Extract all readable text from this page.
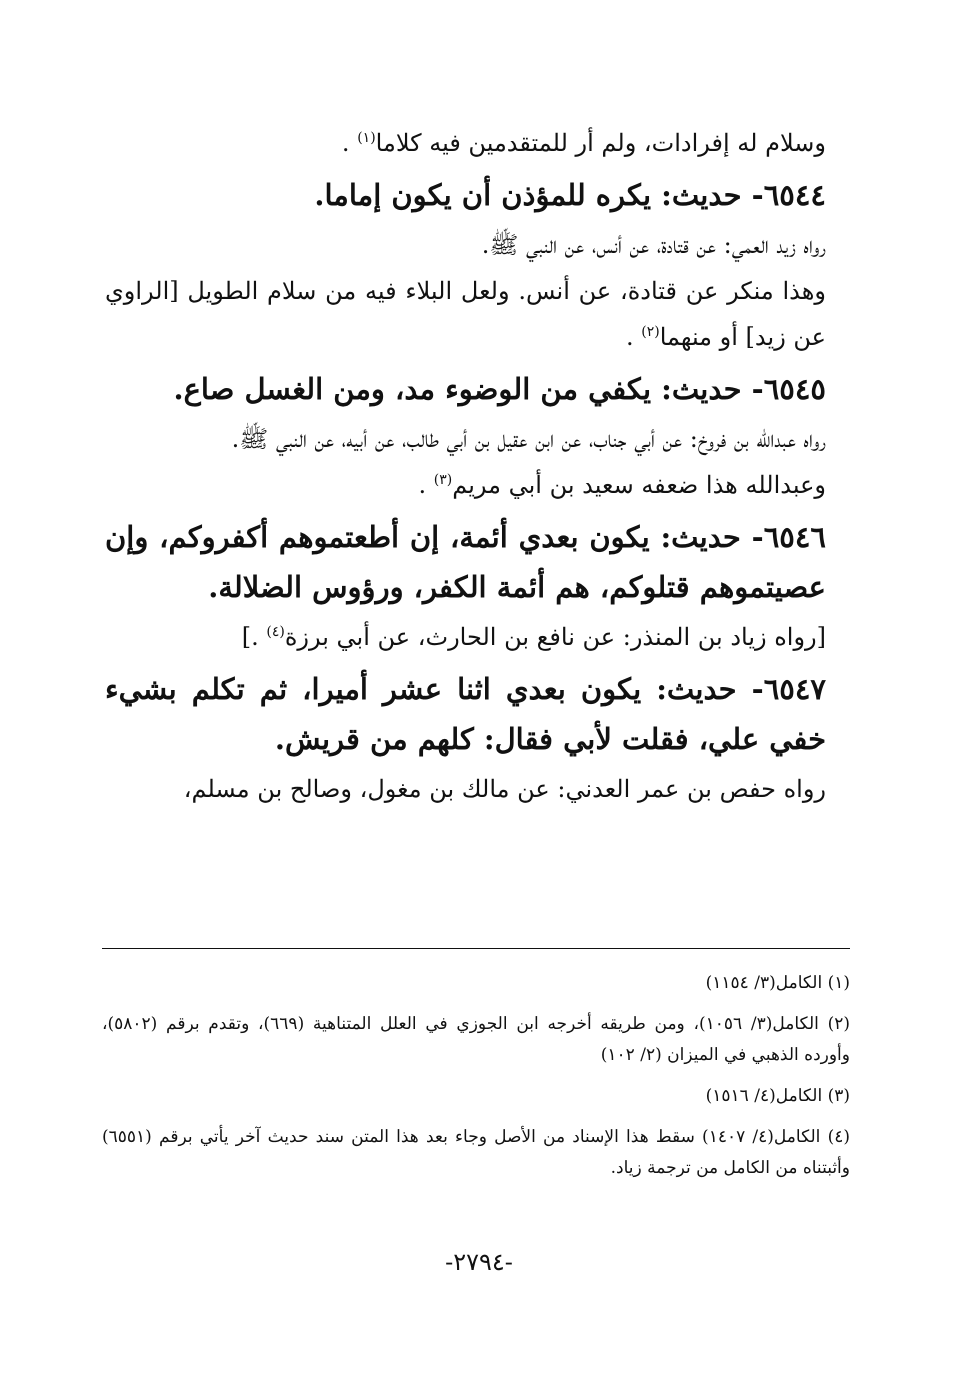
وسلام له إفرادات، ولم أر للمتقدمين فيه كلاما$^{(١)}$ .

٦٥٤٤- حديث: يكره للمؤذن أن يكون إماما.

رواه زيد العمي: عن قتادة، عن أنس، عن النبي ﷺ.

وهذا منكر عن قتادة، عن أنس. ولعل البلاء فيه من سلام الطويل [الراوي عن زيد] أو منهما$^{(٢)}$ .

٦٥٤٥- حديث: يكفي من الوضوء مد، ومن الغسل صاع.

رواه عبدالله بن فروخ: عن أبي جناب، عن ابن عقيل بن أبي طالب، عن أبيه، عن النبي ﷺ.

وعبدالله هذا ضعفه سعيد بن أبي مريم$^{(٣)}$ .

٦٥٤٦- حديث: يكون بعدي أئمة، إن أطعتموهم أكفروكم، وإن عصيتموهم قتلوكم، هم أئمة الكفر، ورؤوس الضلالة.

[رواه زياد بن المنذر: عن نافع بن الحارث، عن أبي برزة$^{(٤)}$ .]

٦٥٤٧- حديث: يكون بعدي اثنا عشر أميرا، ثم تكلم بشيء خفي علي، فقلت لأبي فقال: كلهم من قريش.

رواه حفص بن عمر العدني: عن مالك بن مغول، وصالح بن مسلم،

(١) الكامل(٣/ ١١٥٤)

(٢) الكامل(٣/ ١٠٥٦)، ومن طريقه أخرجه ابن الجوزي في العلل المتناهية (٦٦٩)، وتقدم برقم (٥٨٠٢)، وأورده الذهبي في الميزان (٢/ ١٠٢)

(٣) الكامل(٤/ ١٥١٦)

(٤) الكامل(٤/ ١٤٠٧) سقط هذا الإسناد من الأصل وجاء بعد هذا المتن سند حديث آخر يأتي برقم (٦٥٥١) وأثبتناه من الكامل من ترجمة زياد.

-٢٧٩٤-
